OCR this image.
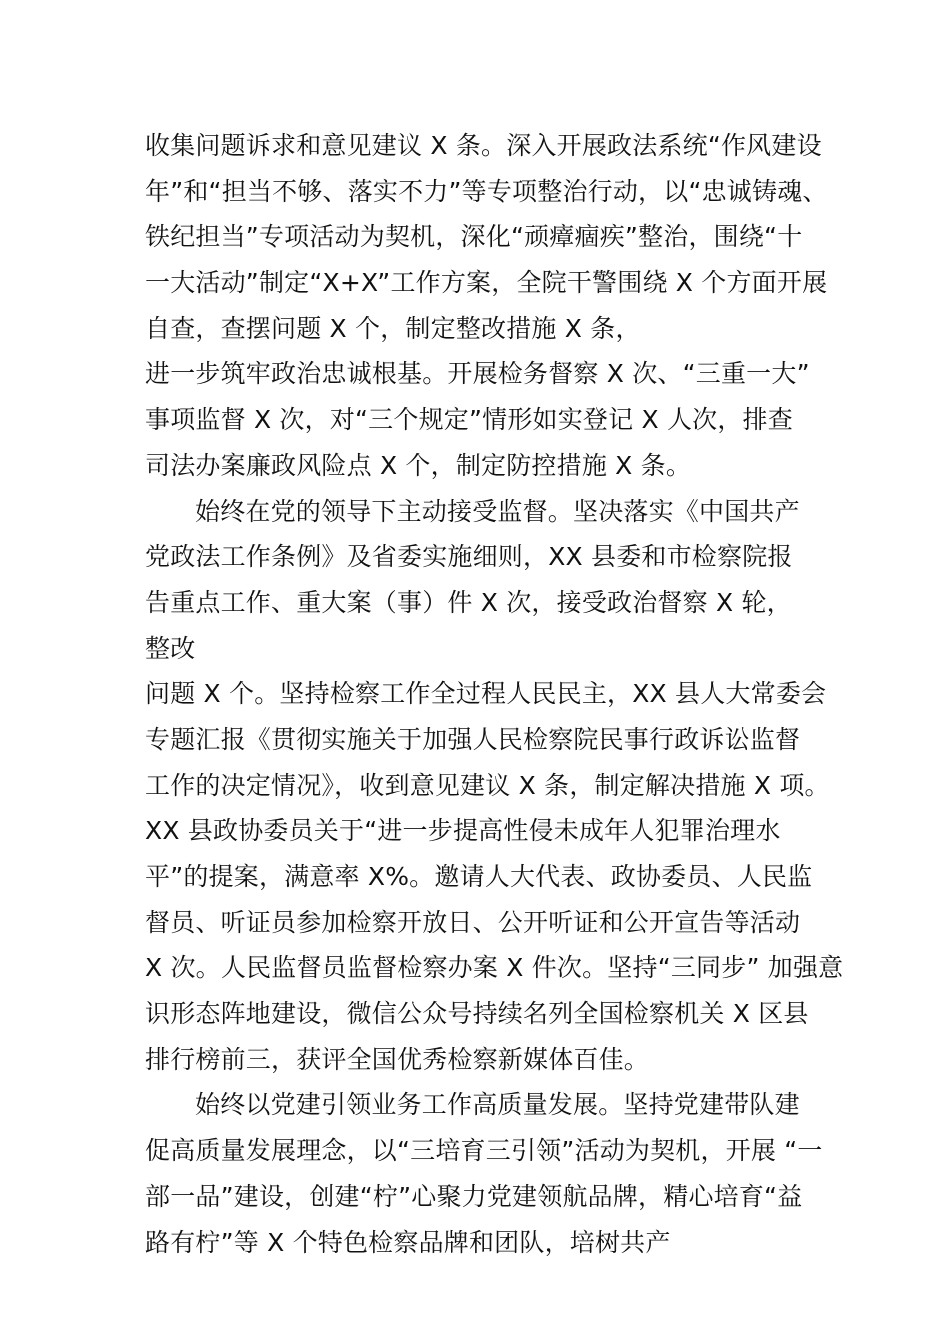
收集问题诉求和意见建议 X 条。深入开展政法系统“作风建设
年”和“担当不够、落实不力”等专项整治行动，以“忠诚铸魂、
铁纪担当”专项活动为契机，深化“顽瘴痼疾”整治，围绕“十
一大活动”制定“X+X”工作方案，全院干警围绕 X 个方面开展
自查，查摆问题 X 个，制定整改措施 X 条，
进一步筑牢政治忠诚根基。开展检务督察 X 次、“三重一大”
事项监督 X 次，对“三个规定”情形如实登记 X 人次，排查
司法办案廉政风险点 X 个，制定防控措施 X 条。
始终在党的领导下主动接受监督。坚决落实《中国共产
党政法工作条例》及省委实施细则，XX 县委和市检察院报
告重点工作、重大案（事）件 X 次，接受政治督察 X 轮，
整改
问题 X 个。坚持检察工作全过程人民民主，XX 县人大常委会
专题汇报《贯彻实施关于加强人民检察院民事行政诉讼监督
工作的决定情况》，收到意见建议 X 条，制定解决措施 X 项。
XX 县政协委员关于“进一步提高性侵未成年人犯罪治理水
平”的提案，满意率 X%。邀请人大代表、政协委员、人民监
督员、听证员参加检察开放日、公开听证和公开宣告等活动
X 次。人民监督员监督检察办案 X 件次。坚持“三同步” 加强意
识形态阵地建设，微信公众号持续名列全国检察机关 X 区县
排行榜前三，获评全国优秀检察新媒体百佳。
始终以党建引领业务工作高质量发展。坚持党建带队建
促高质量发展理念，以“三培育三引领”活动为契机，开展 “一
部一品”建设，创建“柠”心聚力党建领航品牌，精心培育“益
路有柠”等 X 个特色检察品牌和团队，培树共产
